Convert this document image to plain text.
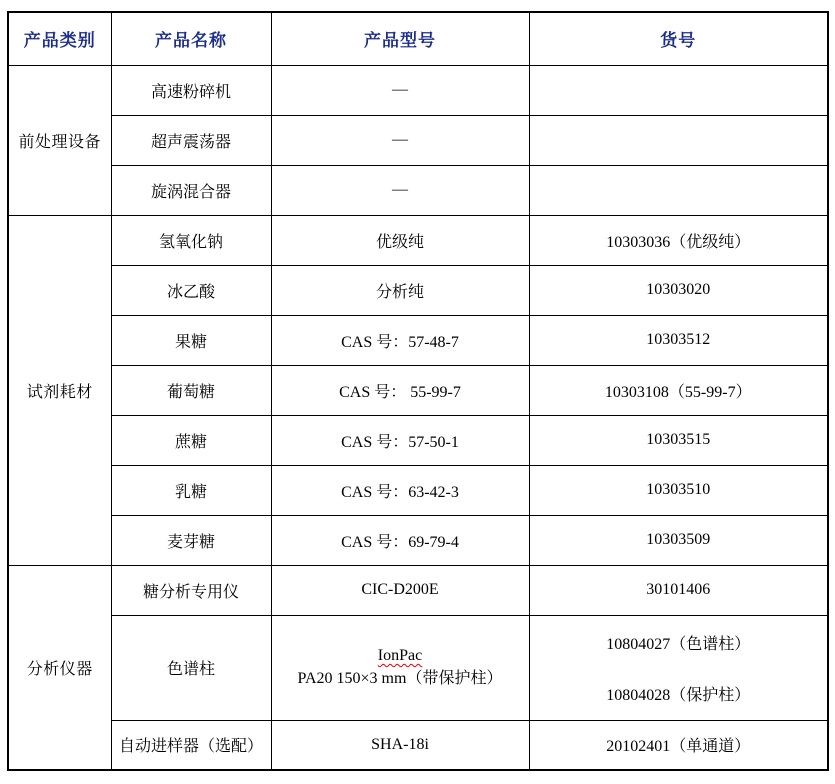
产品类别	产品名称	产品型号	货号
前处理设备	高速粉碎机	—	
	超声震荡器	—	
	旋涡混合器	—	
试剂耗材	氢氧化钠	优级纯	10303036（优级纯）
	冰乙酸	分析纯	10303020
	果糖	CAS 号：57-48-7	10303512
	葡萄糖	CAS 号： 55-99-7	10303108（55-99-7）
	蔗糖	CAS 号：57-50-1	10303515
	乳糖	CAS 号：63-42-3	10303510
	麦芽糖	CAS 号：69-79-4	10303509
分析仪器	糖分析专用仪	CIC-D200E	30101406
	色谱柱	IonPac PA20 150×3 mm（带保护柱）	10804027（色谱柱）
10804028（保护柱）

	自动进样器（选配）	SHA-18i	20102401（单通道）
